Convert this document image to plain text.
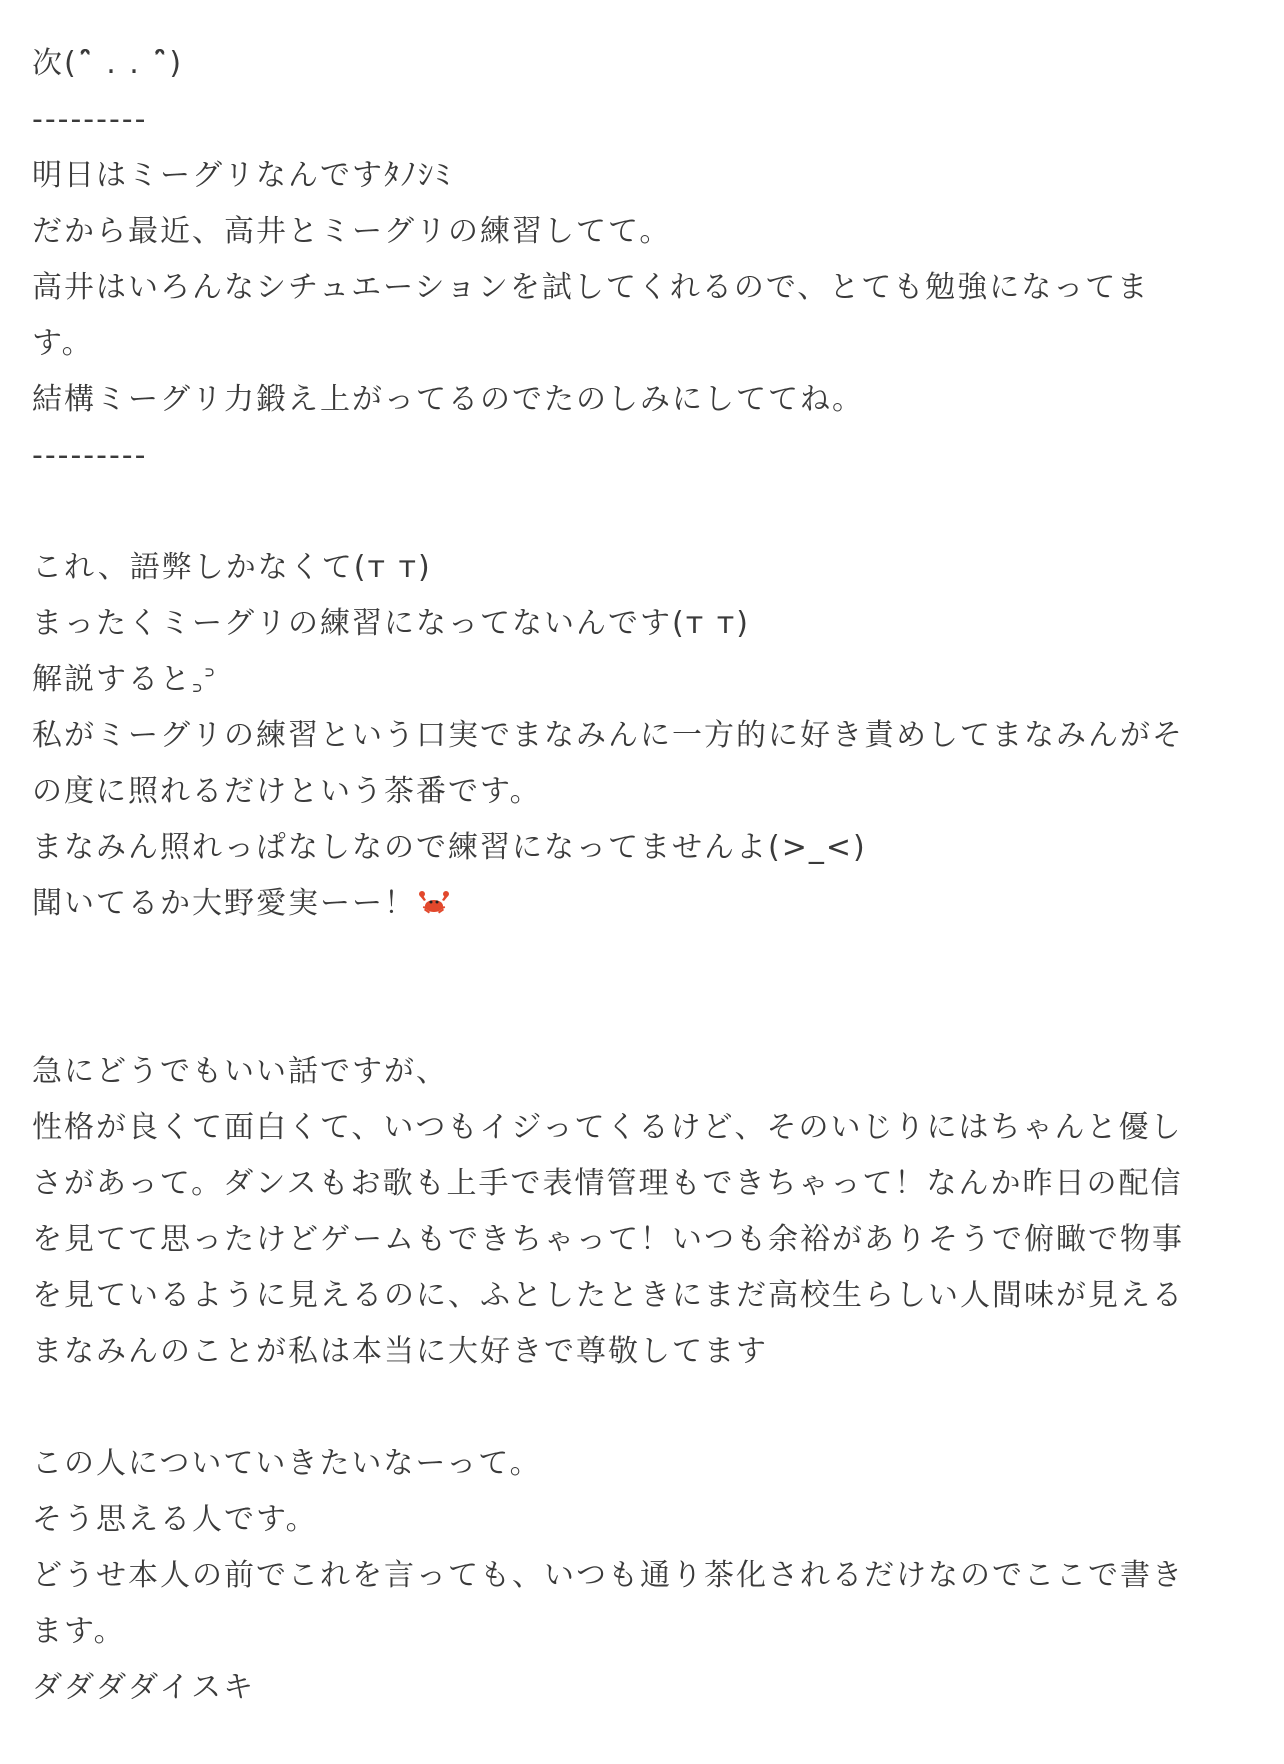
次(ˆ̑ . . ˆ̑)
---------
明日はミーグリなんですﾀﾉｼﾐ
だから最近、高井とミーグリの練習してて。
高井はいろんなシチュエーションを試してくれるので、とても勉強になってま
す。
結構ミーグリ力鍛え上がってるのでたのしみにしててね。
---------
これ、語弊しかなくて(т т)
まったくミーグリの練習になってないんです(т т)
解説すると꜆꜄
私がミーグリの練習という口実でまなみんに一方的に好き責めしてまなみんがそ
の度に照れるだけという茶番です。
まなみん照れっぱなしなので練習になってませんよ(>_<)
聞いてるか大野愛実ーー！
急にどうでもいい話ですが、
性格が良くて面白くて、いつもイジってくるけど、そのいじりにはちゃんと優し
さがあって。ダンスもお歌も上手で表情管理もできちゃって！なんか昨日の配信
を見てて思ったけどゲームもできちゃって！いつも余裕がありそうで俯瞰で物事
を見ているように見えるのに、ふとしたときにまだ高校生らしい人間味が見える
まなみんのことが私は本当に大好きで尊敬してます
この人についていきたいなーって。
そう思える人です。
どうせ本人の前でこれを言っても、いつも通り茶化されるだけなのでここで書き
ます。
ダダダダイスキ
